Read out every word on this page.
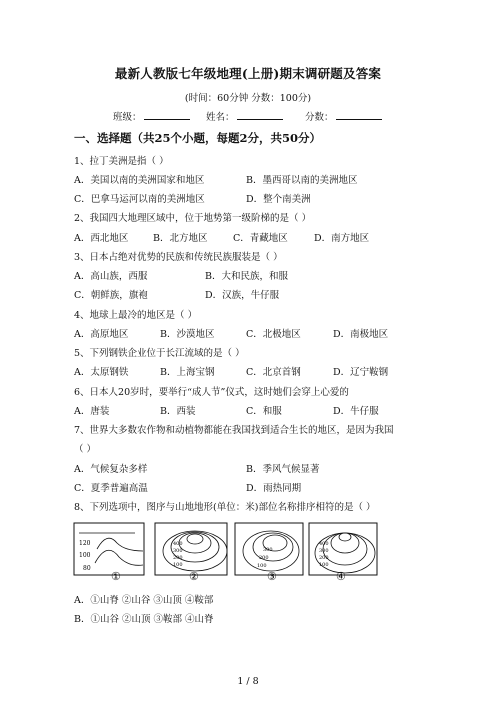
最新人教版七年级地理(上册)期末调研题及答案
(时间：60分钟 分数：100分)
班级：	姓名：	分数：
一、选择题（共25个小题，每题2分，共50分）
1、拉丁美洲是指（ ）
A．美国以南的美洲国家和地区	B．墨西哥以南的美洲地区
C．巴拿马运河以南的美洲地区	D．整个南美洲
2、我国四大地理区域中，位于地势第一级阶梯的是（ ）
A．西北地区	B．北方地区	C．青藏地区	D．南方地区
3、日本占绝对优势的民族和传统民族服装是（ ）
A．高山族，西服	B．大和民族，和服
C．朝鲜族，旗袍	D．汉族，牛仔服
4、地球上最冷的地区是（ ）
A．高原地区	B．沙漠地区	C．北极地区	D．南极地区
5、下列钢铁企业位于长江流域的是（ ）
A．太原钢铁	B．上海宝钢	C．北京首钢	D．辽宁鞍钢
6、日本人20岁时，要举行“成人节”仪式，这时她们会穿上心爱的
A．唐装	B．西装	C．和服	D．牛仔服
7、世界大多数农作物和动植物都能在我国找到适合生长的地区，是因为我国
（ ）
A．气候复杂多样	B．季风气候显著
C．夏季普遍高温	D．雨热同期
8、下列选项中，图序与山地地形(单位：米)部位名称排序相符的是（ ）
120
100
80
400
300
200
100
300
200
100
400
300
200
100
①	②	③	④
A．①山脊 ②山谷 ③山顶 ④鞍部
B．①山谷 ②山顶 ③鞍部 ④山脊
1 / 8
